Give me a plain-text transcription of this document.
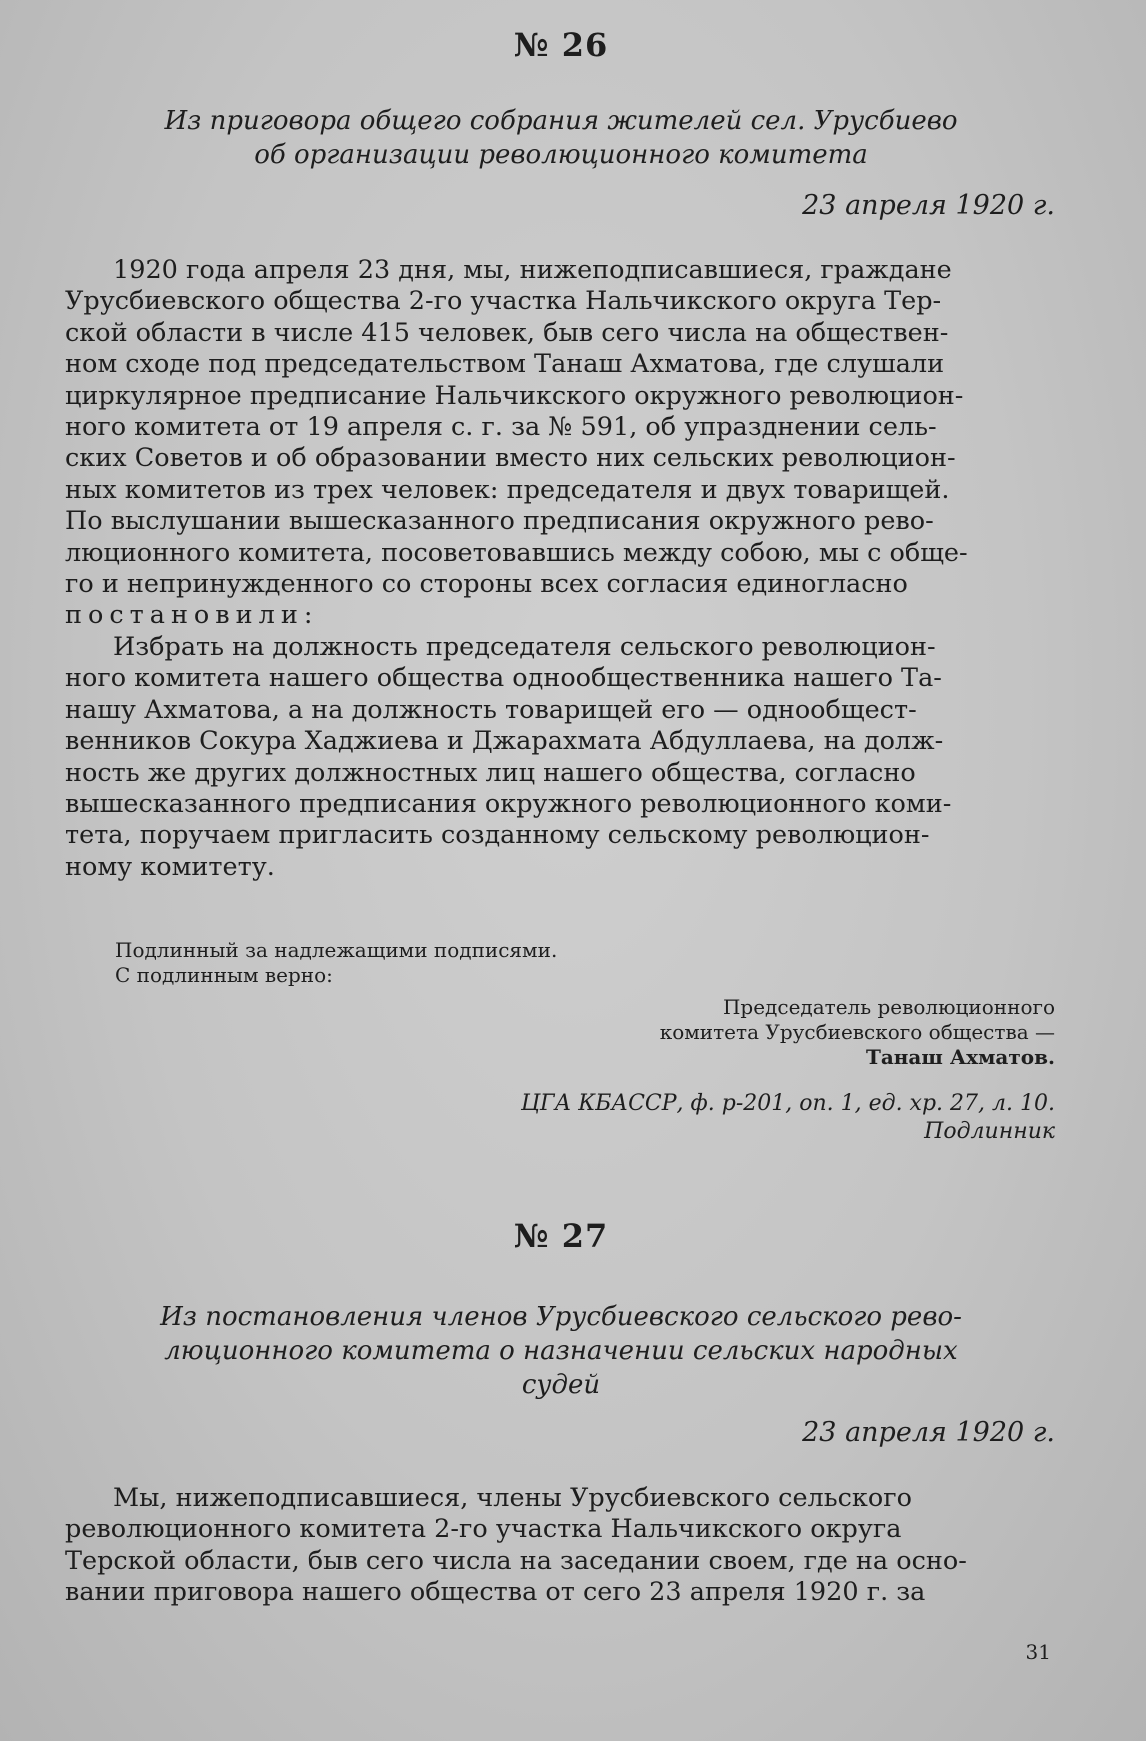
№ 26

Из приговора общего собрания жителей сел. Урусбиево
об организации революционного комитета

23 апреля 1920 г.

1920 года апреля 23 дня, мы, нижеподписавшиеся, граждане
Урусбиевского общества 2-го участка Нальчикского округа Тер-
ской области в числе 415 человек, быв сего числа на обществен-
ном сходе под председательством Танаш Ахматова, где слушали
циркулярное предписание Нальчикского окружного революцион-
ного комитета от 19 апреля с. г. за № 591, об упразднении сель-
ских Советов и об образовании вместо них сельских революцион-
ных комитетов из трех человек: председателя и двух товарищей.
По выслушании вышесказанного предписания окружного рево-
люционного комитета, посоветовавшись между собою, мы с обще-
го и непринужденного со стороны всех согласия единогласно
постановили:
Избрать на должность председателя сельского революцион-
ного комитета нашего общества однообщественника нашего Та-
нашу Ахматова, а на должность товарищей его — однообщест-
венников Сокура Хаджиева и Джарахмата Абдуллаева, на долж-
ность же других должностных лиц нашего общества, согласно
вышесказанного предписания окружного революционного коми-
тета, поручаем пригласить созданному сельскому революцион-
ному комитету.

Подлинный за надлежащими подписями.

С подлинным верно:

Председатель революционного

комитета Урусбиевского общества —

Танаш Ахматов.

ЦГА КБАССР, ф. р-201, оп. 1, ед. хр. 27, л. 10.

Подлинник

№ 27

Из постановления членов Урусбиевского сельского рево-
люционного комитета о назначении сельских народных
судей

23 апреля 1920 г.

Мы, нижеподписавшиеся, члены Урусбиевского сельского
революционного комитета 2-го участка Нальчикского округа
Терской области, быв сего числа на заседании своем, где на осно-
вании приговора нашего общества от сего 23 апреля 1920 г. за

31
